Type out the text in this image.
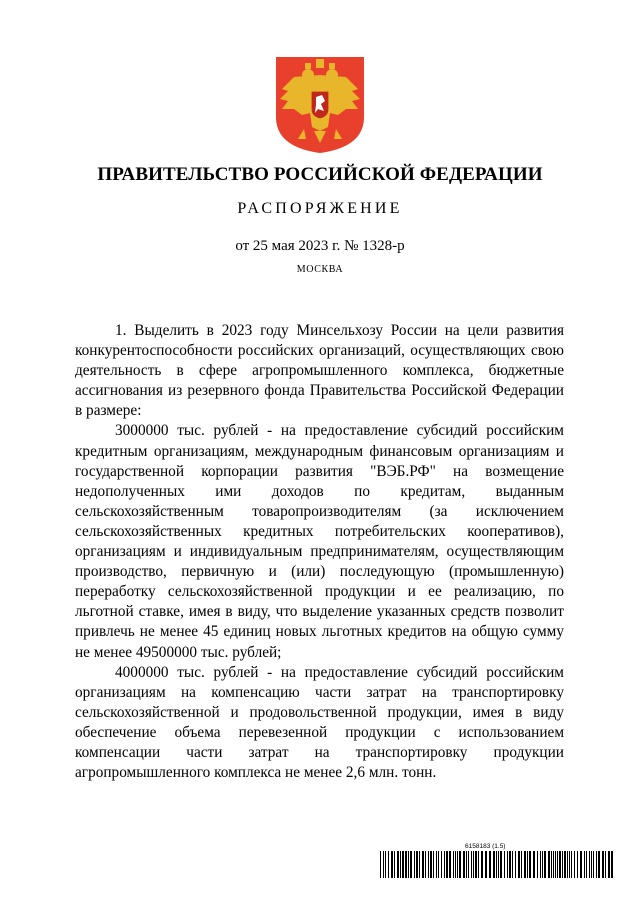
ПРАВИТЕЛЬСТВО РОССИЙСКОЙ ФЕДЕРАЦИИ
РАСПОРЯЖЕНИЕ
от 25 мая 2023 г. № 1328-р
МОСКВА

1. Выделить в 2023 году Минсельхозу России на цели развития конкурентоспособности российских организаций, осуществляющих свою деятельность в сфере агропромышленного комплекса, бюджетные ассигнования из резервного фонда Правительства Российской Федерации в размере:

3000000 тыс. рублей - на предоставление субсидий российским кредитным организациям, международным финансовым организациям и государственной корпорации развития "ВЭБ.РФ" на возмещение недополученных ими доходов по кредитам, выданным сельскохозяйственным товаропроизводителям (за исключением сельскохозяйственных кредитных потребительских кооперативов), организациям и индивидуальным предпринимателям, осуществляющим производство, первичную и (или) последующую (промышленную) переработку сельскохозяйственной продукции и ее реализацию, по льготной ставке, имея в виду, что выделение указанных средств позволит привлечь не менее 45 единиц новых льготных кредитов на общую сумму не менее 49500000 тыс. рублей;

4000000 тыс. рублей - на предоставление субсидий российским организациям на компенсацию части затрат на транспортировку сельскохозяйственной и продовольственной продукции, имея в виду обеспечение объема перевезенной продукции с использованием компенсации части затрат на транспортировку продукции агропромышленного комплекса не менее 2,6 млн. тонн.

6158183 (1.5)
